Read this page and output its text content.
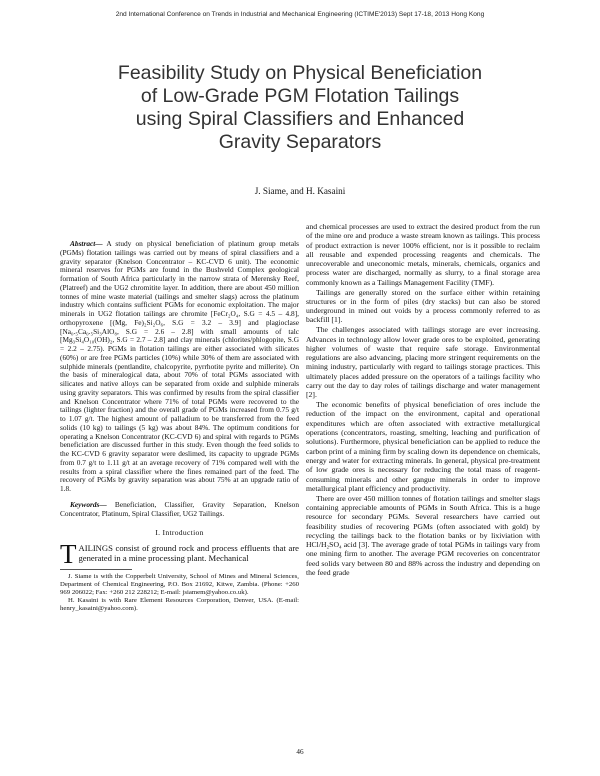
2nd International Conference on Trends in Industrial and Mechanical Engineering (ICTIME'2013) Sept 17-18, 2013 Hong Kong
Feasibility Study on Physical Beneficiation
of Low-Grade PGM Flotation Tailings
using Spiral Classifiers and Enhanced
Gravity Separators
J. Siame, and H. Kasaini

Abstract— A study on physical beneficiation of platinum group metals (PGMs) flotation tailings was carried out by means of spiral classifiers and a gravity separator (Knelson Concentrator – KC-CVD 6 unit). The economic mineral reserves for PGMs are found in the Bushveld Complex geological formation of South Africa particularly in the narrow strata of Merensky Reef, (Platreef) and the UG2 chromitite layer. In addition, there are about 450 million tonnes of mine waste material (tailings and smelter slags) across the platinum industry which contains sufficient PGMs for economic exploitation. The major minerals in UG2 flotation tailings are chromite [FeCr₂O₄, S.G = 4.5 – 4.8], orthopyroxene [(Mg, Fe)₂Si₂O₆, S.G = 3.2 – 3.9] and plagioclase [Na₀.₅Ca₀.₅Si₃AlO₈, S.G = 2.6 – 2.8] with small amounts of talc [Mg₃Si₄O₁₀(OH)₂, S.G = 2.7 – 2.8] and clay minerals (chlorites/phlogopite, S.G = 2.2 – 2.75). PGMs in flotation tailings are either associated with silicates (60%) or are free PGMs particles (10%) while 30% of them are associated with sulphide minerals (pentlandite, chalcopyrite, pyrrhotite pyrite and millerite). On the basis of mineralogical data, about 70% of total PGMs associated with silicates and native alloys can be separated from oxide and sulphide minerals using gravity separators. This was confirmed by results from the spiral classifier and Knelson Concentrator where 71% of total PGMs were recovered to the tailings (lighter fraction) and the overall grade of PGMs increased from 0.75 g/t to 1.07 g/t. The highest amount of palladium to be transferred from the feed solids (10 kg) to tailings (5 kg) was about 84%. The optimum conditions for operating a Knelson Concentrator (KC-CVD 6) and spiral with regards to PGMs beneficiation are discussed further in this study. Even though the feed solids to the KC-CVD 6 gravity separator were deslimed, its capacity to upgrade PGMs from 0.7 g/t to 1.11 g/t at an average recovery of 71% compared well with the results from a spiral classifier where the fines remained part of the feed. The recovery of PGMs by gravity separation was about 75% at an upgrade ratio of 1.8.

Keywords— Beneficiation, Classifier, Gravity Separation, Knelson Concentrator, Platinum, Spiral Classifier, UG2 Tailings.

I. Introduction

TAILINGS consist of ground rock and process effluents that are generated in a mine processing plant. Mechanical

J. Siame is with the Copperbelt University, School of Mines and Mineral Sciences, Department of Chemical Engineering, P.O. Box 21692, Kitwe, Zambia. (Phone: +260 969 206022; Fax: +260 212 228212; E-mail: jsiamem@yahoo.co.uk).

H. Kasaini is with Rare Element Resources Corporation, Denver, USA. (E-mail: henry_kasaini@yahoo.com).

and chemical processes are used to extract the desired product from the run of the mine ore and produce a waste stream known as tailings. This process of product extraction is never 100% efficient, nor is it possible to reclaim all reusable and expended processing reagents and chemicals. The unrecoverable and uneconomic metals, minerals, chemicals, organics and process water are discharged, normally as slurry, to a final storage area commonly known as a Tailings Management Facility (TMF).

Tailings are generally stored on the surface either within retaining structures or in the form of piles (dry stacks) but can also be stored underground in mined out voids by a process commonly referred to as backfill [1].

The challenges associated with tailings storage are ever increasing. Advances in technology allow lower grade ores to be exploited, generating higher volumes of waste that require safe storage. Environmental regulations are also advancing, placing more stringent requirements on the mining industry, particularly with regard to tailings storage practices. This ultimately places added pressure on the operators of a tailings facility who carry out the day to day roles of tailings discharge and water management [2].

The economic benefits of physical beneficiation of ores include the reduction of the impact on the environment, capital and operational expenditures which are often associated with extractive metallurgical operations (concentrators, roasting, smelting, leaching and purification of solutions). Furthermore, physical beneficiation can be applied to reduce the carbon print of a mining firm by scaling down its dependence on chemicals, energy and water for extracting minerals. In general, physical pre-treatment of low grade ores is necessary for reducing the total mass of reagent-consuming minerals and other gangue minerals in order to improve metallurgical plant efficiency and productivity.

There are over 450 million tonnes of flotation tailings and smelter slags containing appreciable amounts of PGMs in South Africa. This is a huge resource for secondary PGMs. Several researchers have carried out feasibility studies of recovering PGMs (often associated with gold) by recycling the tailings back to the flotation banks or by lixiviation with HCl/H₂SO₄ acid [3]. The average grade of total PGMs in tailings vary from one mining firm to another. The average PGM recoveries on concentrator feed solids vary between 80 and 88% across the industry and depending on the feed grade

46
